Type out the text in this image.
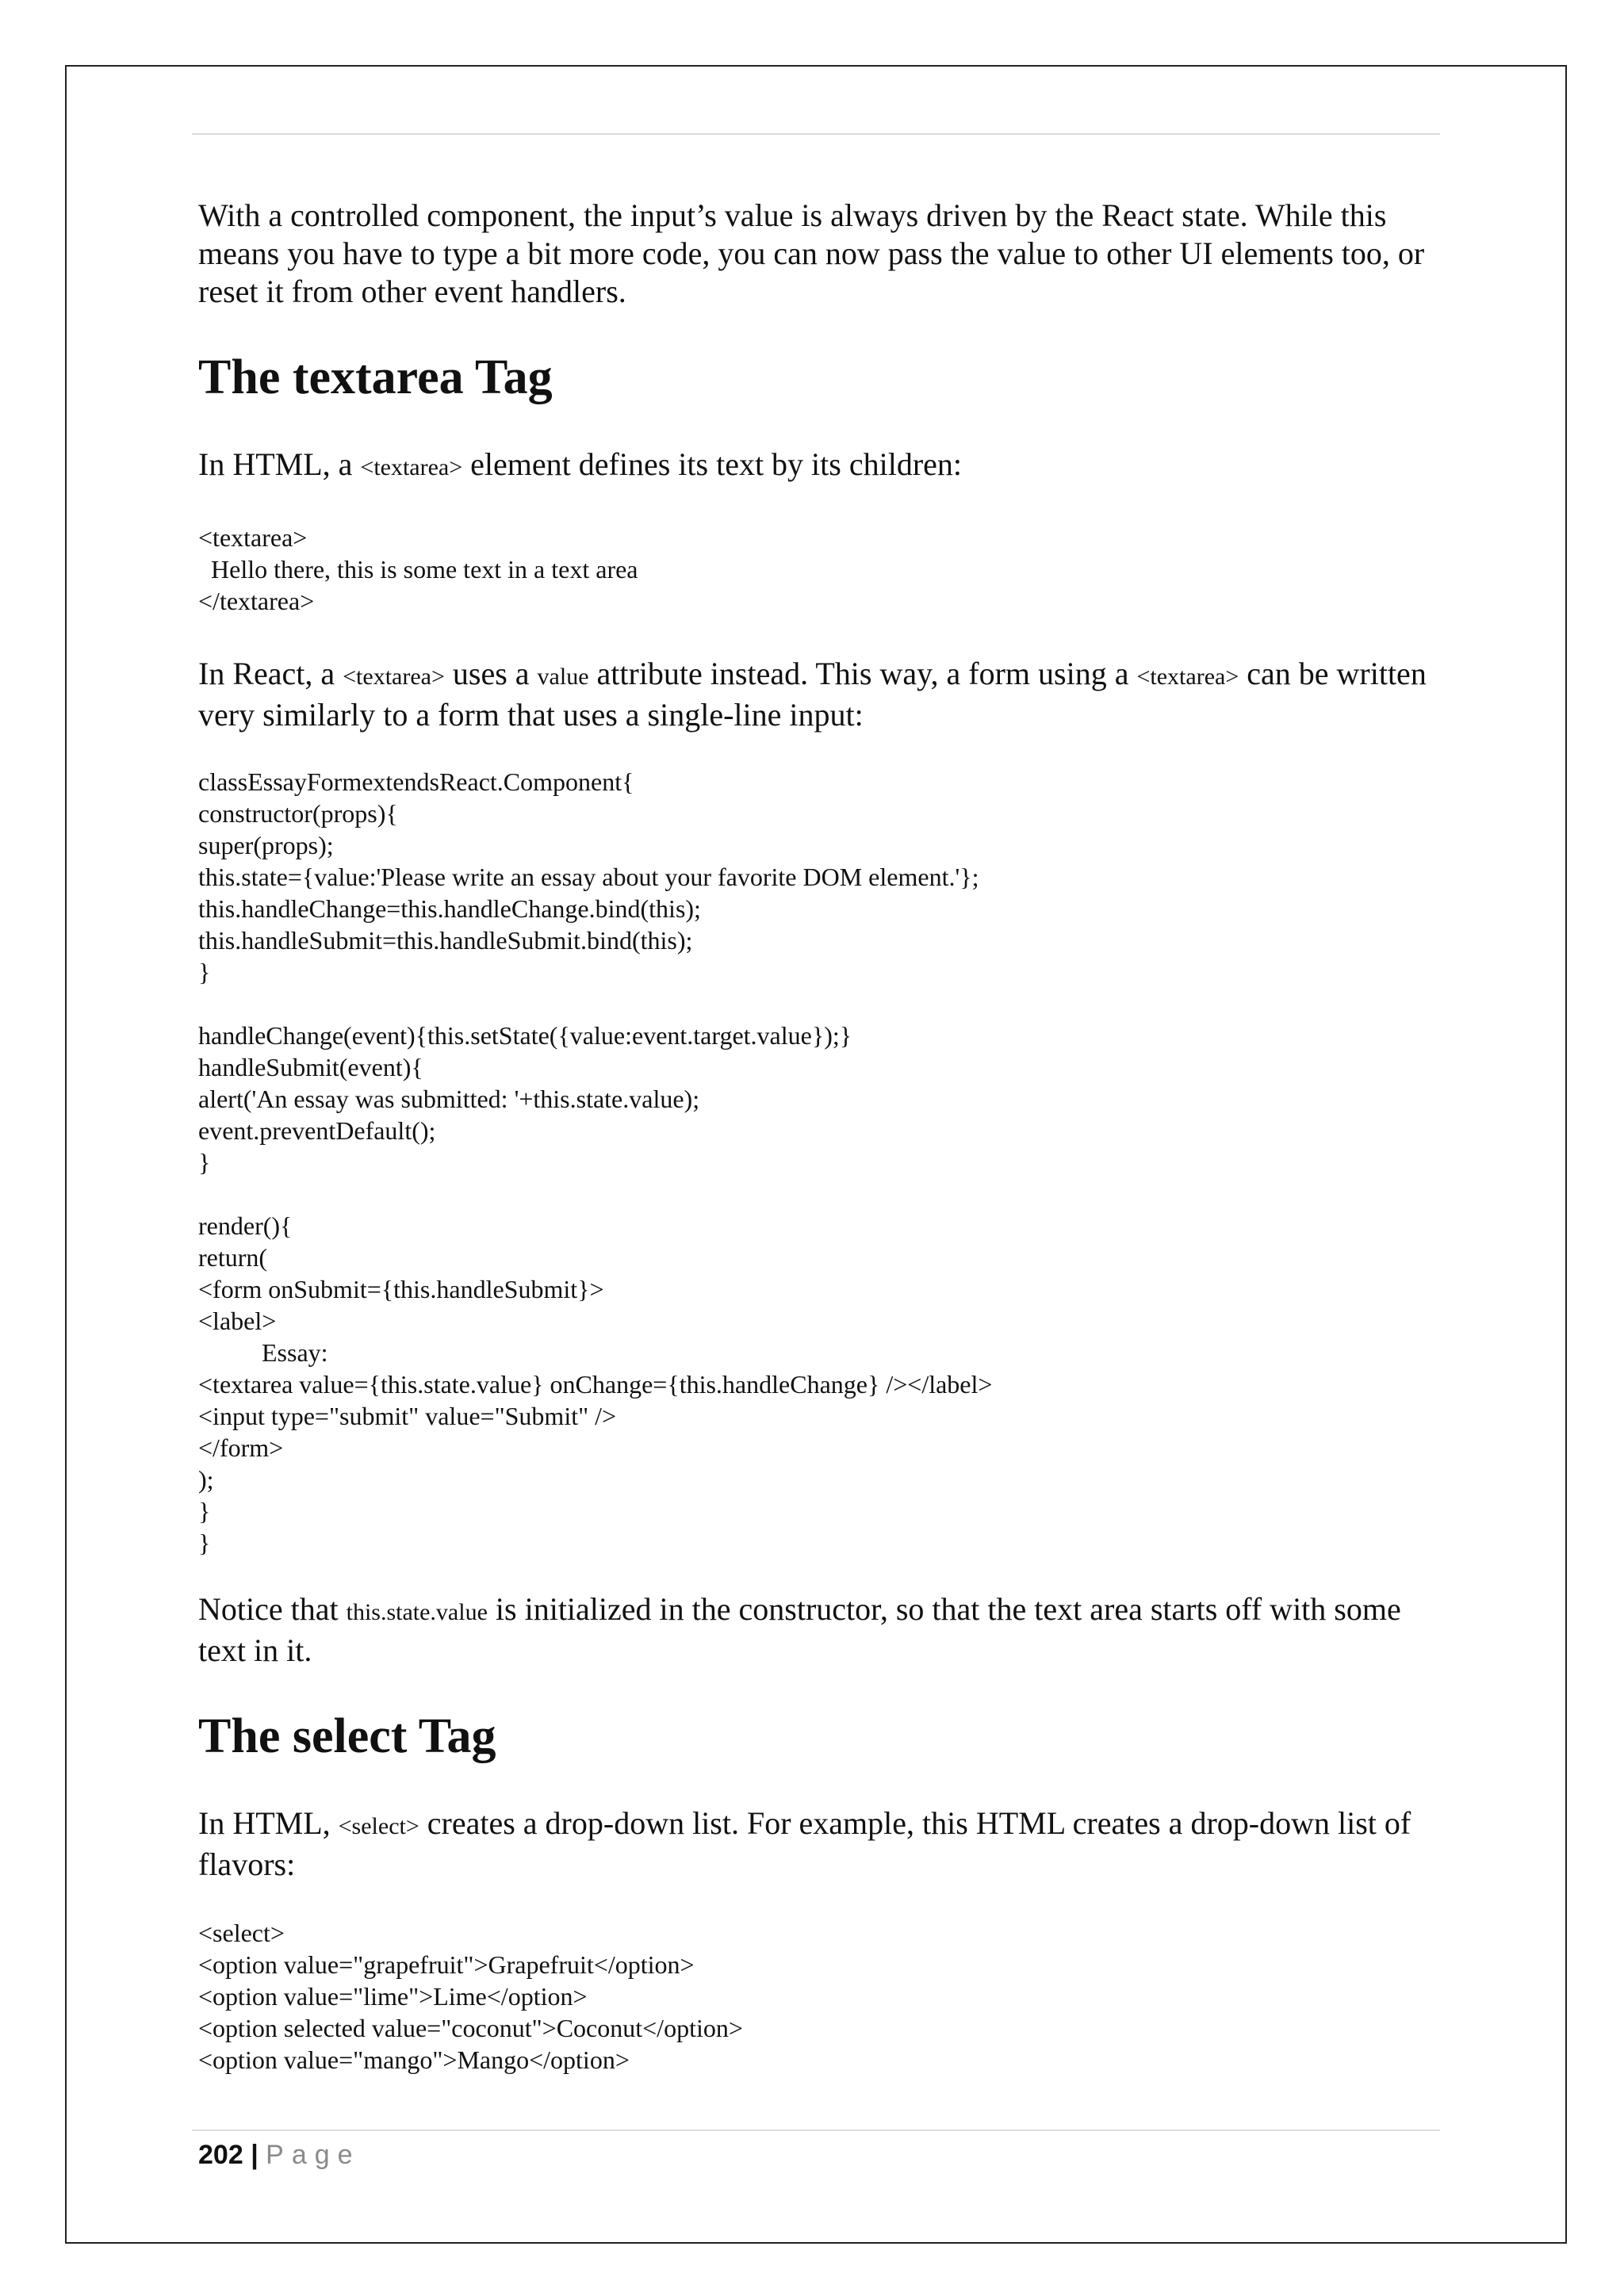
With a controlled component, the input’s value is always driven by the React state. While this means you have to type a bit more code, you can now pass the value to other UI elements too, or reset it from other event handlers.

The textarea Tag

In HTML, a <textarea> element defines its text by its children:

<textarea>
Hello there, this is some text in a text area
</textarea>

In React, a <textarea> uses a value attribute instead. This way, a form using a <textarea> can be written very similarly to a form that uses a single-line input:

classEssayFormextendsReact.Component{
constructor(props){
super(props);
this.state={value:'Please write an essay about your favorite DOM element.'};
this.handleChange=this.handleChange.bind(this);
this.handleSubmit=this.handleSubmit.bind(this);
}
handleChange(event){this.setState({value:event.target.value});}
handleSubmit(event){
alert('An essay was submitted: '+this.state.value);
event.preventDefault();
}
render(){
return(
<form onSubmit={this.handleSubmit}>
<label>
Essay:
<textarea value={this.state.value} onChange={this.handleChange} /></label>
<input type="submit" value="Submit" />
</form>
);
}
}

Notice that this.state.value is initialized in the constructor, so that the text area starts off with some text in it.

The select Tag

In HTML, <select> creates a drop-down list. For example, this HTML creates a drop-down list of flavors:

<select>
<option value="grapefruit">Grapefruit</option>
<option value="lime">Lime</option>
<option selected value="coconut">Coconut</option>
<option value="mango">Mango</option>
202 | Page
